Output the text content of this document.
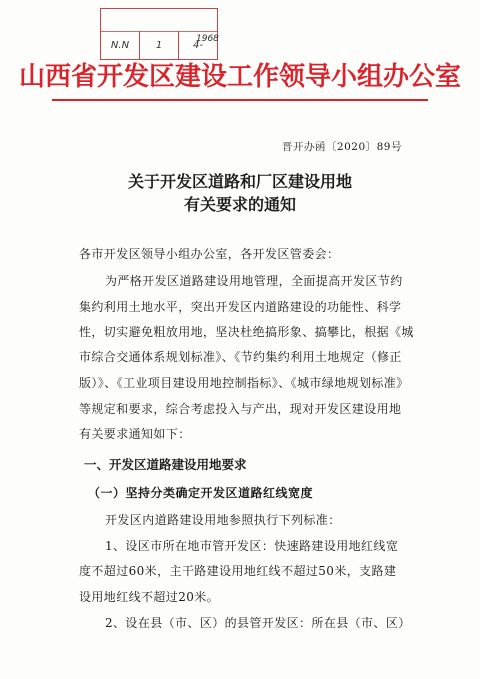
N.N	1	4-
1968
山西省开发区建设工作领导小组办公室
晋开办函〔2020〕89号
关于开发区道路和厂区建设用地
有关要求的通知
各市开发区领导小组办公室，各开发区管委会：
为严格开发区道路建设用地管理，全面提高开发区节约
集约利用土地水平，突出开发区内道路建设的功能性、科学
性，切实避免粗放用地，坚决杜绝搞形象、搞攀比，根据《城
市综合交通体系规划标准》、《节约集约利用土地规定（修正
版）》、《工业项目建设用地控制指标》、《城市绿地规划标准》
等规定和要求，综合考虑投入与产出，现对开发区建设用地
有关要求通知如下：
一、开发区道路建设用地要求
（一）坚持分类确定开发区道路红线宽度
开发区内道路建设用地参照执行下列标准：
1、设区市所在地市管开发区：快速路建设用地红线宽
度不超过60米，主干路建设用地红线不超过50米，支路建
设用地红线不超过20米。
2、设在县（市、区）的县管开发区：所在县（市、区）
